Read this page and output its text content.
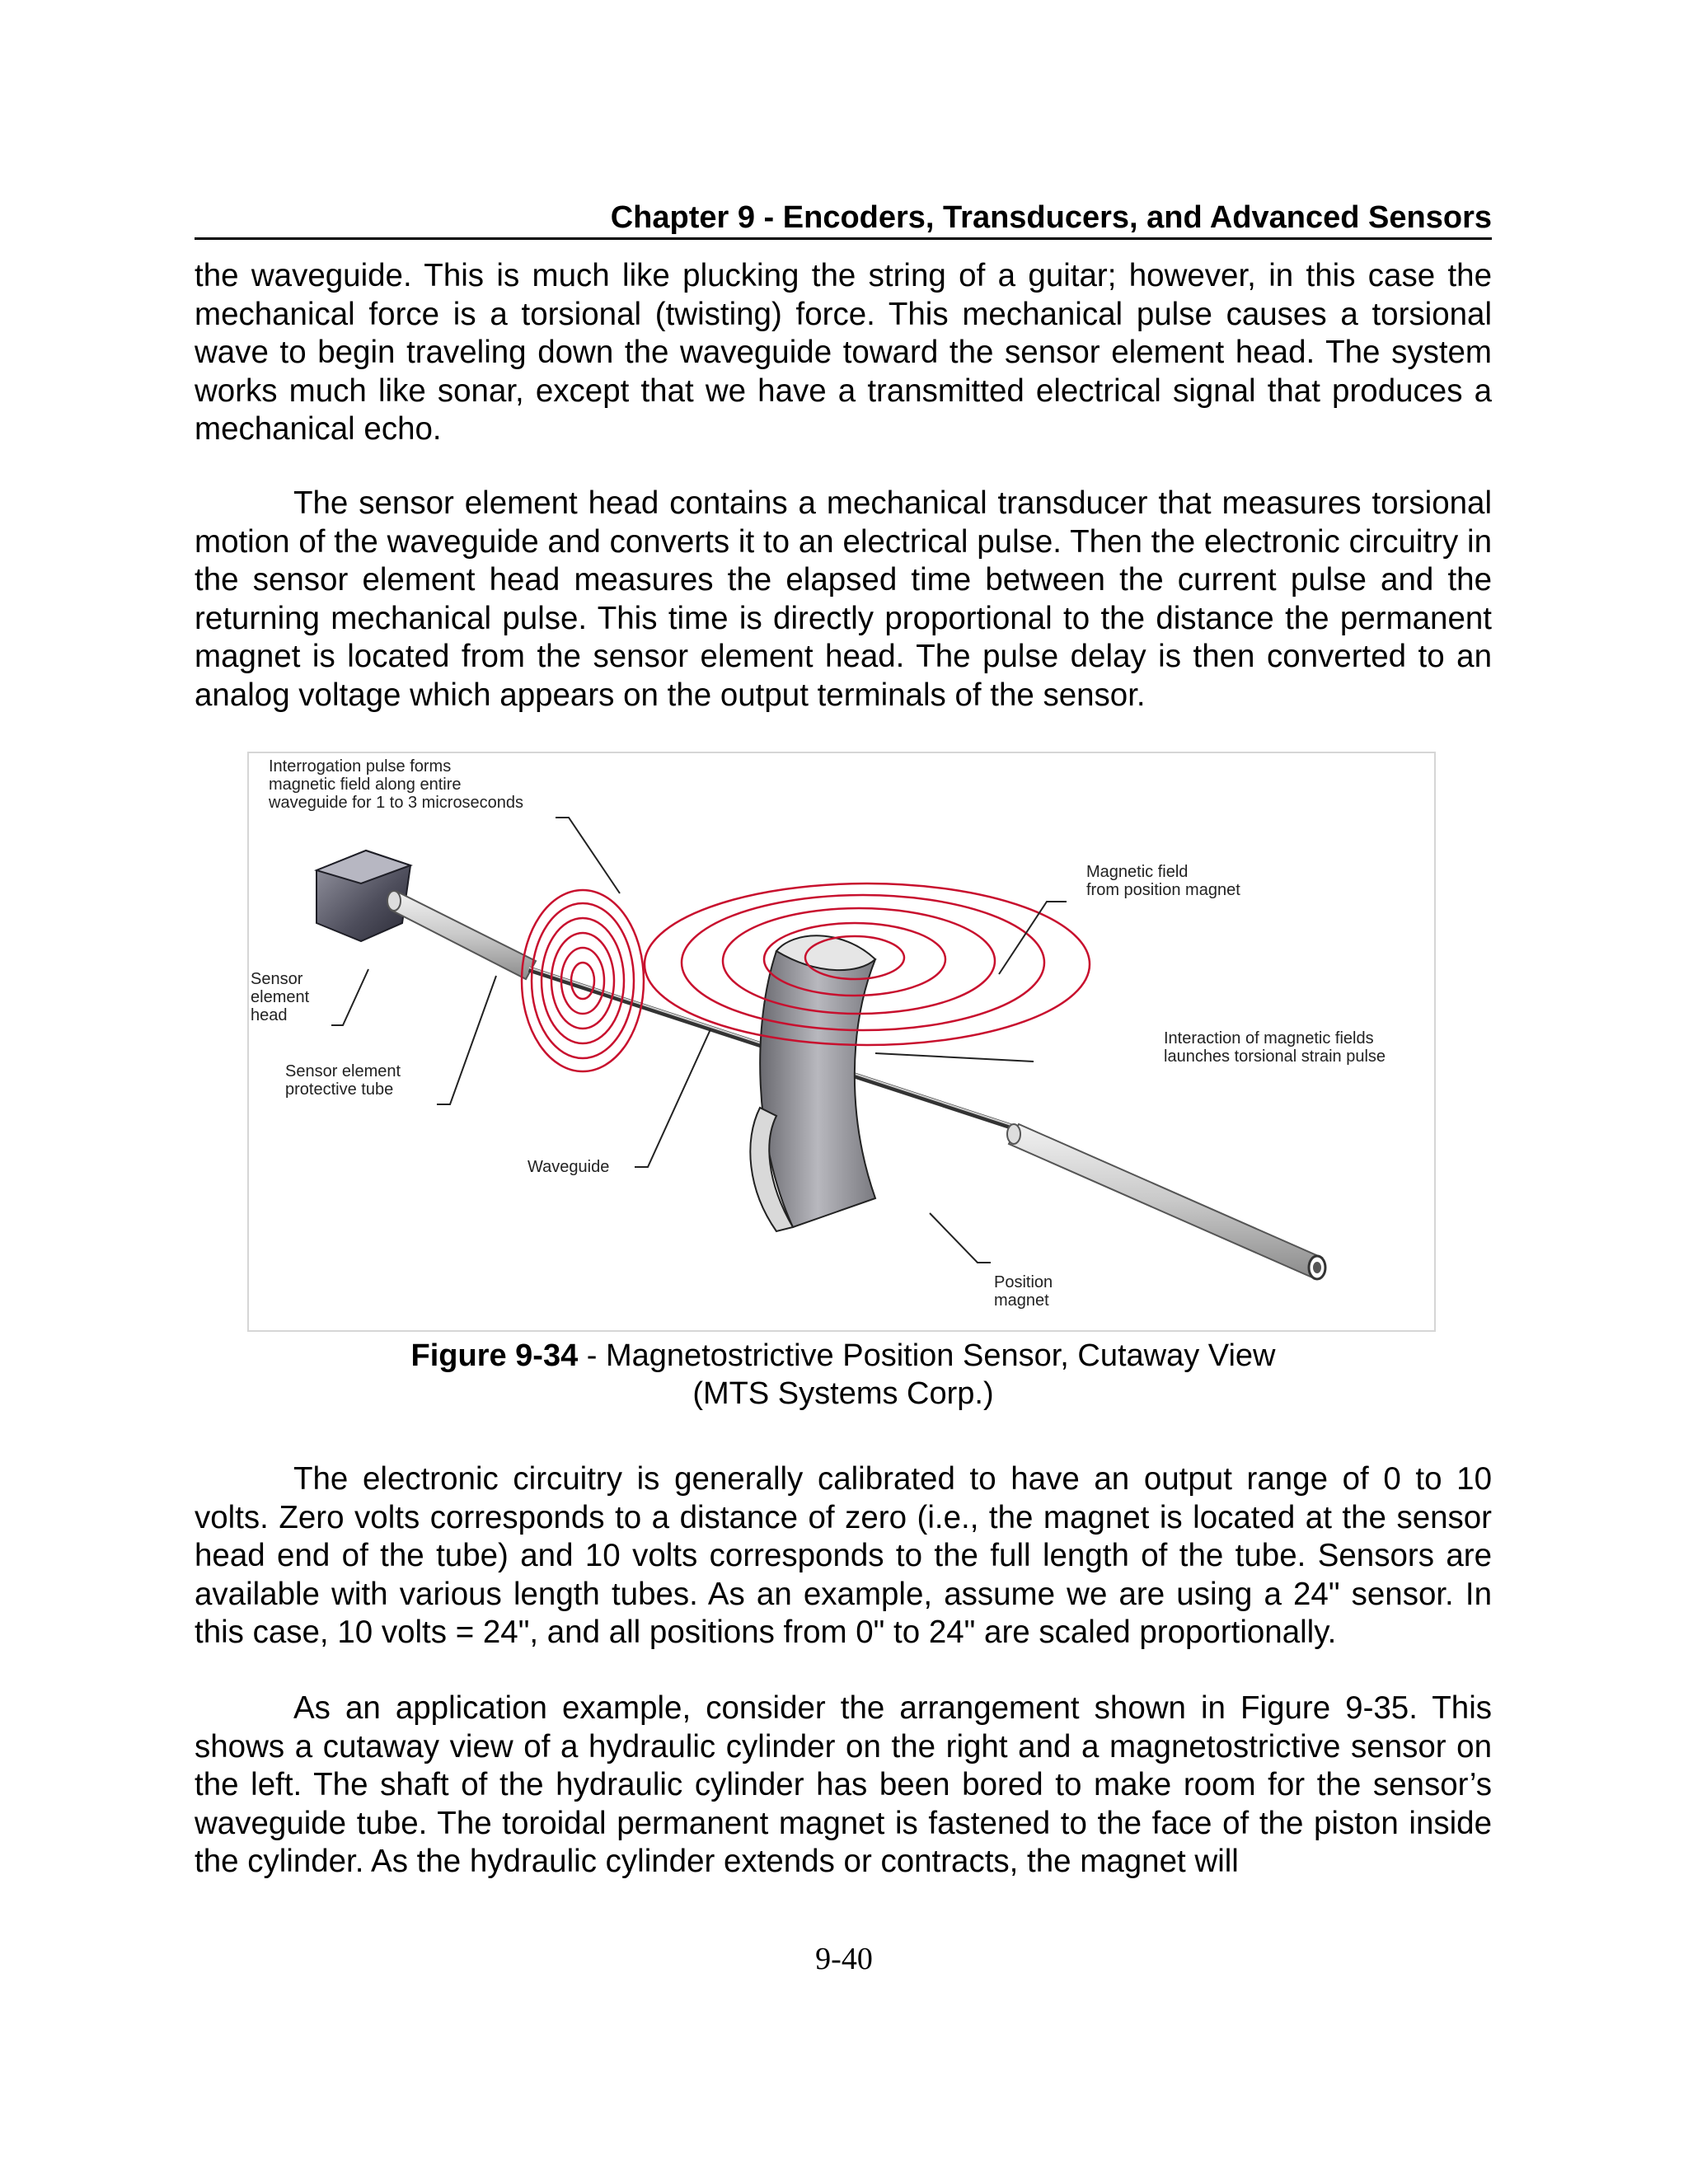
Chapter 9 - Encoders, Transducers, and Advanced Sensors

the waveguide. This is much like plucking the string of a guitar; however, in this case the mechanical force is a torsional (twisting) force. This mechanical pulse causes a torsional wave to begin traveling down the waveguide toward the sensor element head. The system works much like sonar, except that we have a transmitted electrical signal that produces a mechanical echo.

The sensor element head contains a mechanical transducer that measures torsional motion of the waveguide and converts it to an electrical pulse. Then the electronic circuitry in the sensor element head measures the elapsed time between the current pulse and the returning mechanical pulse. This time is directly proportional to the distance the permanent magnet is located from the sensor element head. The pulse delay is then converted to an analog voltage which appears on the output terminals of the sensor.

Interrogation pulse forms
magnetic field along entire
waveguide for 1 to 3 microseconds
Magnetic field
from position magnet
Sensor
element
head
Interaction of magnetic fields
launches torsional strain pulse
Sensor element
protective tube
Waveguide
Position
magnet

Figure 9-34 - Magnetostrictive Position Sensor, Cutaway View

(MTS Systems Corp.)

The electronic circuitry is generally calibrated to have an output range of 0 to 10 volts. Zero volts corresponds to a distance of zero (i.e., the magnet is located at the sensor head end of the tube) and 10 volts corresponds to the full length of the tube. Sensors are available with various length tubes. As an example, assume we are using a 24" sensor. In this case, 10 volts = 24", and all positions from 0" to 24" are scaled proportionally.

As an application example, consider the arrangement shown in Figure 9-35. This shows a cutaway view of a hydraulic cylinder on the right and a magnetostrictive sensor on the left. The shaft of the hydraulic cylinder has been bored to make room for the sensor’s waveguide tube. The toroidal permanent magnet is fastened to the face of the piston inside the cylinder. As the hydraulic cylinder extends or contracts, the magnet will

9-40
